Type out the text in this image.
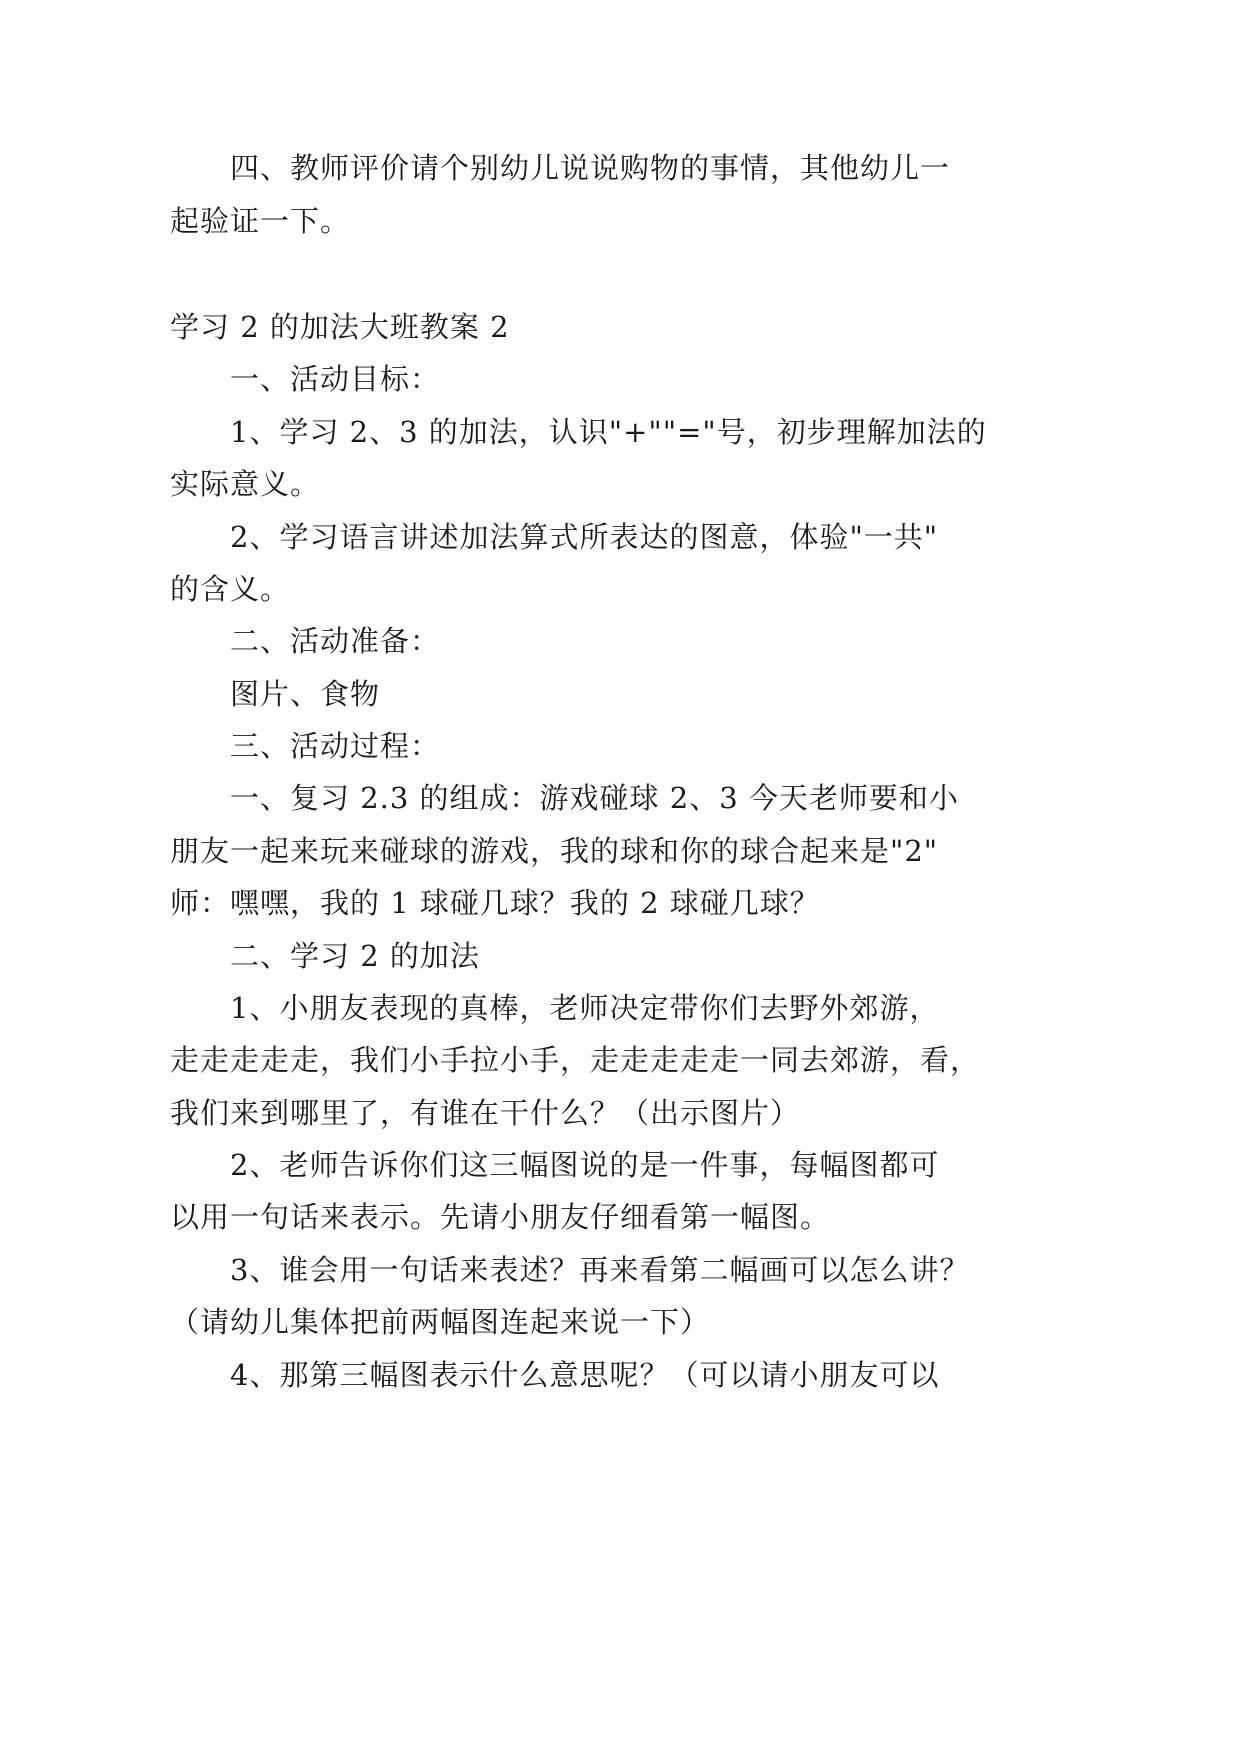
四、教师评价请个别幼儿说说购物的事情，其他幼儿一
起验证一下。
学习 2 的加法大班教案 2
一、活动目标：
1、学习 2、3 的加法，认识"+""="号，初步理解加法的
实际意义。
2、学习语言讲述加法算式所表达的图意，体验"一共"
的含义。
二、活动准备：
图片、食物
三、活动过程：
一、复习 2.3 的组成：游戏碰球 2、3 今天老师要和小
朋友一起来玩来碰球的游戏，我的球和你的球合起来是"2"
师：嘿嘿，我的 1 球碰几球？我的 2 球碰几球？
二、学习 2 的加法
1、小朋友表现的真棒，老师决定带你们去野外郊游，
走走走走走，我们小手拉小手，走走走走走一同去郊游，看，
我们来到哪里了，有谁在干什么？（出示图片）
2、老师告诉你们这三幅图说的是一件事，每幅图都可
以用一句话来表示。先请小朋友仔细看第一幅图。
3、谁会用一句话来表述？再来看第二幅画可以怎么讲？
（请幼儿集体把前两幅图连起来说一下）
4、那第三幅图表示什么意思呢？（可以请小朋友可以
